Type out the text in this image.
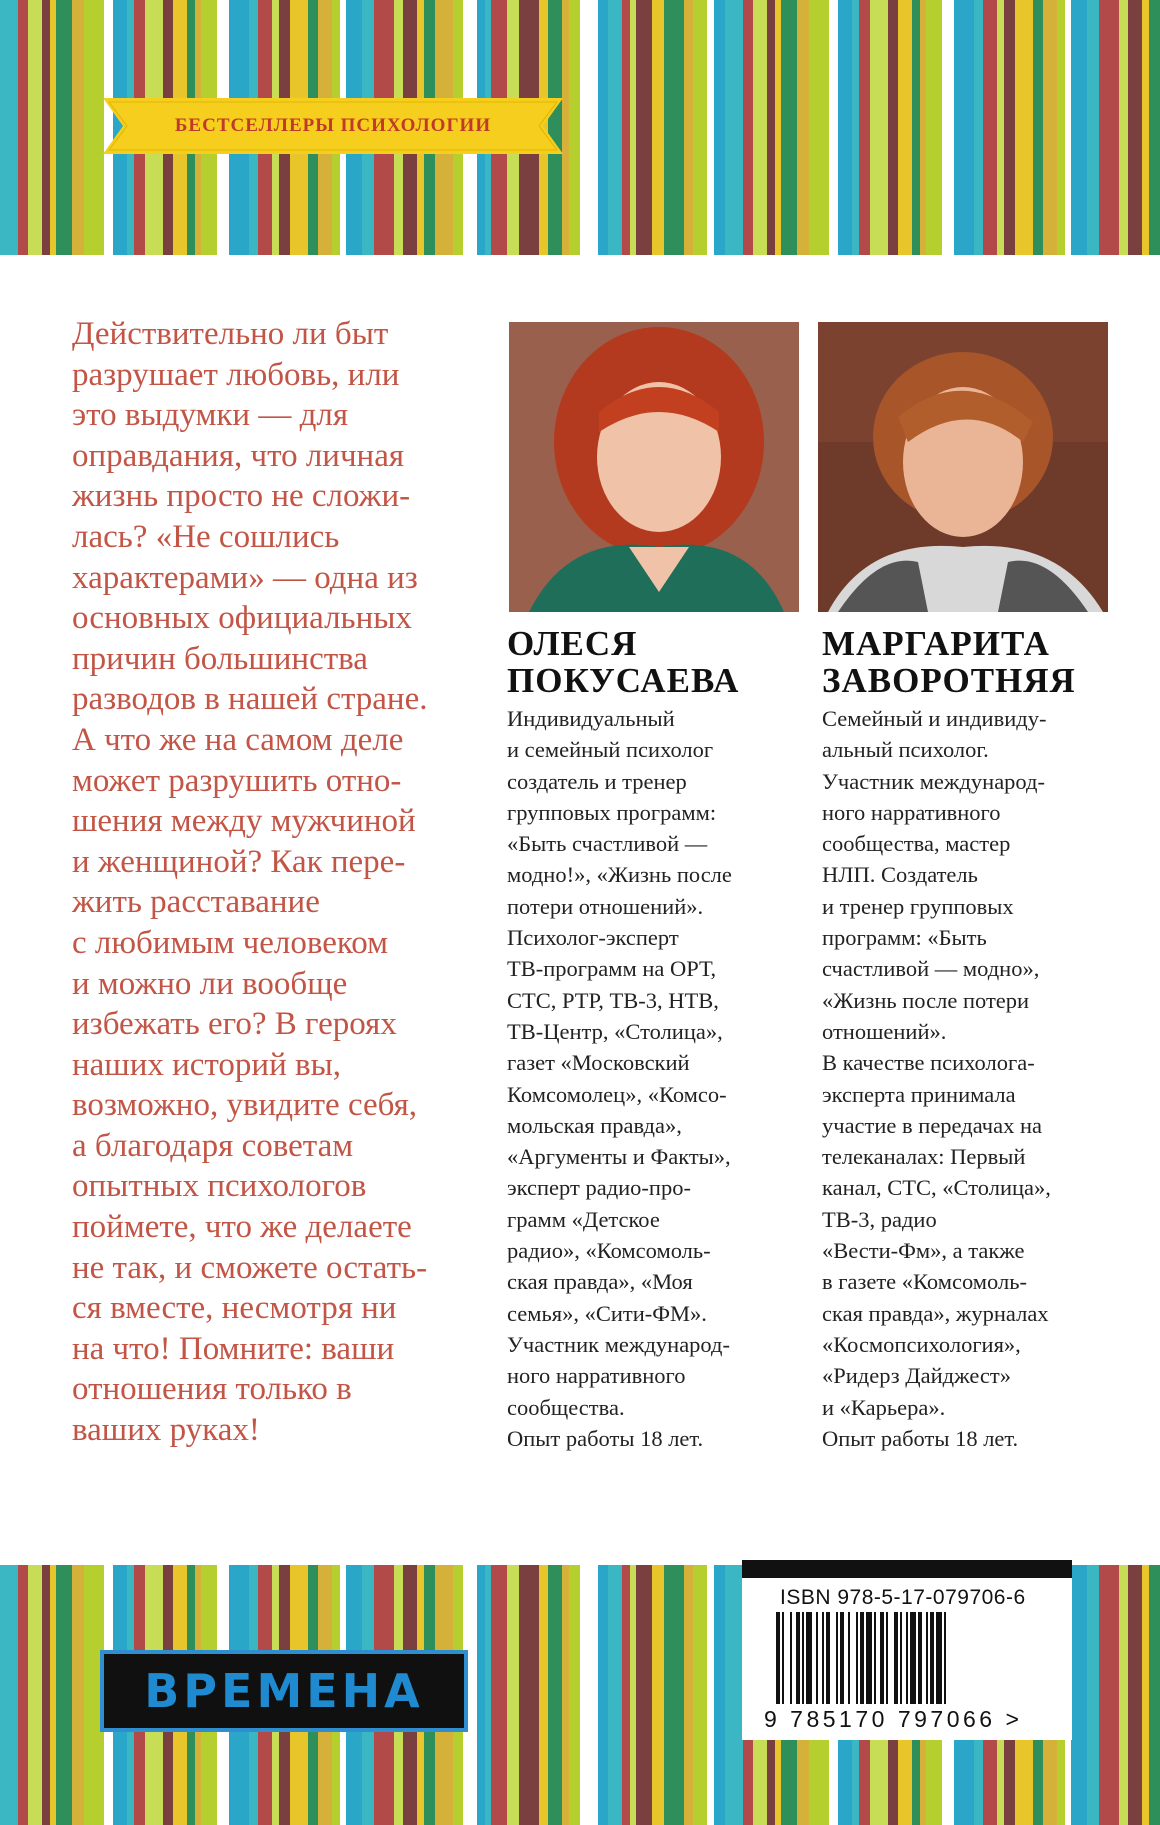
БЕСТСЕЛЛЕРЫ ПСИХОЛОГИИ
Действительно ли быт
разрушает любовь, или
это выдумки — для
оправдания, что личная
жизнь просто не сложи-
лась? «Не сошлись
характерами» — одна из
основных официальных
причин большинства
разводов в нашей стране.
А что же на самом деле
может разрушить отно-
шения между мужчиной
и женщиной? Как пере-
жить расставание
с любимым человеком
и можно ли вообще
избежать его? В героях
наших историй вы,
возможно, увидите себя,
а благодаря советам
опытных психологов
поймете, что же делаете
не так, и сможете остать-
ся вместе, несмотря ни
на что! Помните: ваши
отношения только в
ваших руках!
ОЛЕСЯ
ПОКУСАЕВА
Индивидуальный
и семейный психолог
создатель и тренер
групповых программ:
«Быть счастливой —
модно!», «Жизнь после
потери отношений».
Психолог-эксперт
ТВ-программ на ОРТ,
СТС, РТР, ТВ-3, НТВ,
ТВ-Центр, «Столица»,
газет «Московский
Комсомолец», «Комсо-
мольская правда»,
«Аргументы и Факты»,
эксперт радио-про-
грамм «Детское
радио», «Комсомоль-
ская правда», «Моя
семья», «Сити-ФМ».
Участник международ-
ного нарративного
сообщества.
Опыт работы 18 лет.
МАРГАРИТА
ЗАВОРОТНЯЯ
Семейный и индивиду-
альный психолог.
Участник международ-
ного нарративного
сообщества, мастер
НЛП. Создатель
и тренер групповых
программ: «Быть
счастливой — модно»,
«Жизнь после потери
отношений».
В качестве психолога-
эксперта принимала
участие в передачах на
телеканалах: Первый
канал, СТС, «Столица»,
ТВ-3, радио
«Вести-Фм», а также
в газете «Комсомоль-
ская правда», журналах
«Космопсихология»,
«Ридерз Дайджест»
и «Карьера».
Опыт работы 18 лет.
ВРЕМЕНА
ISBN 978-5-17-079706-6
9 785170 797066 >
